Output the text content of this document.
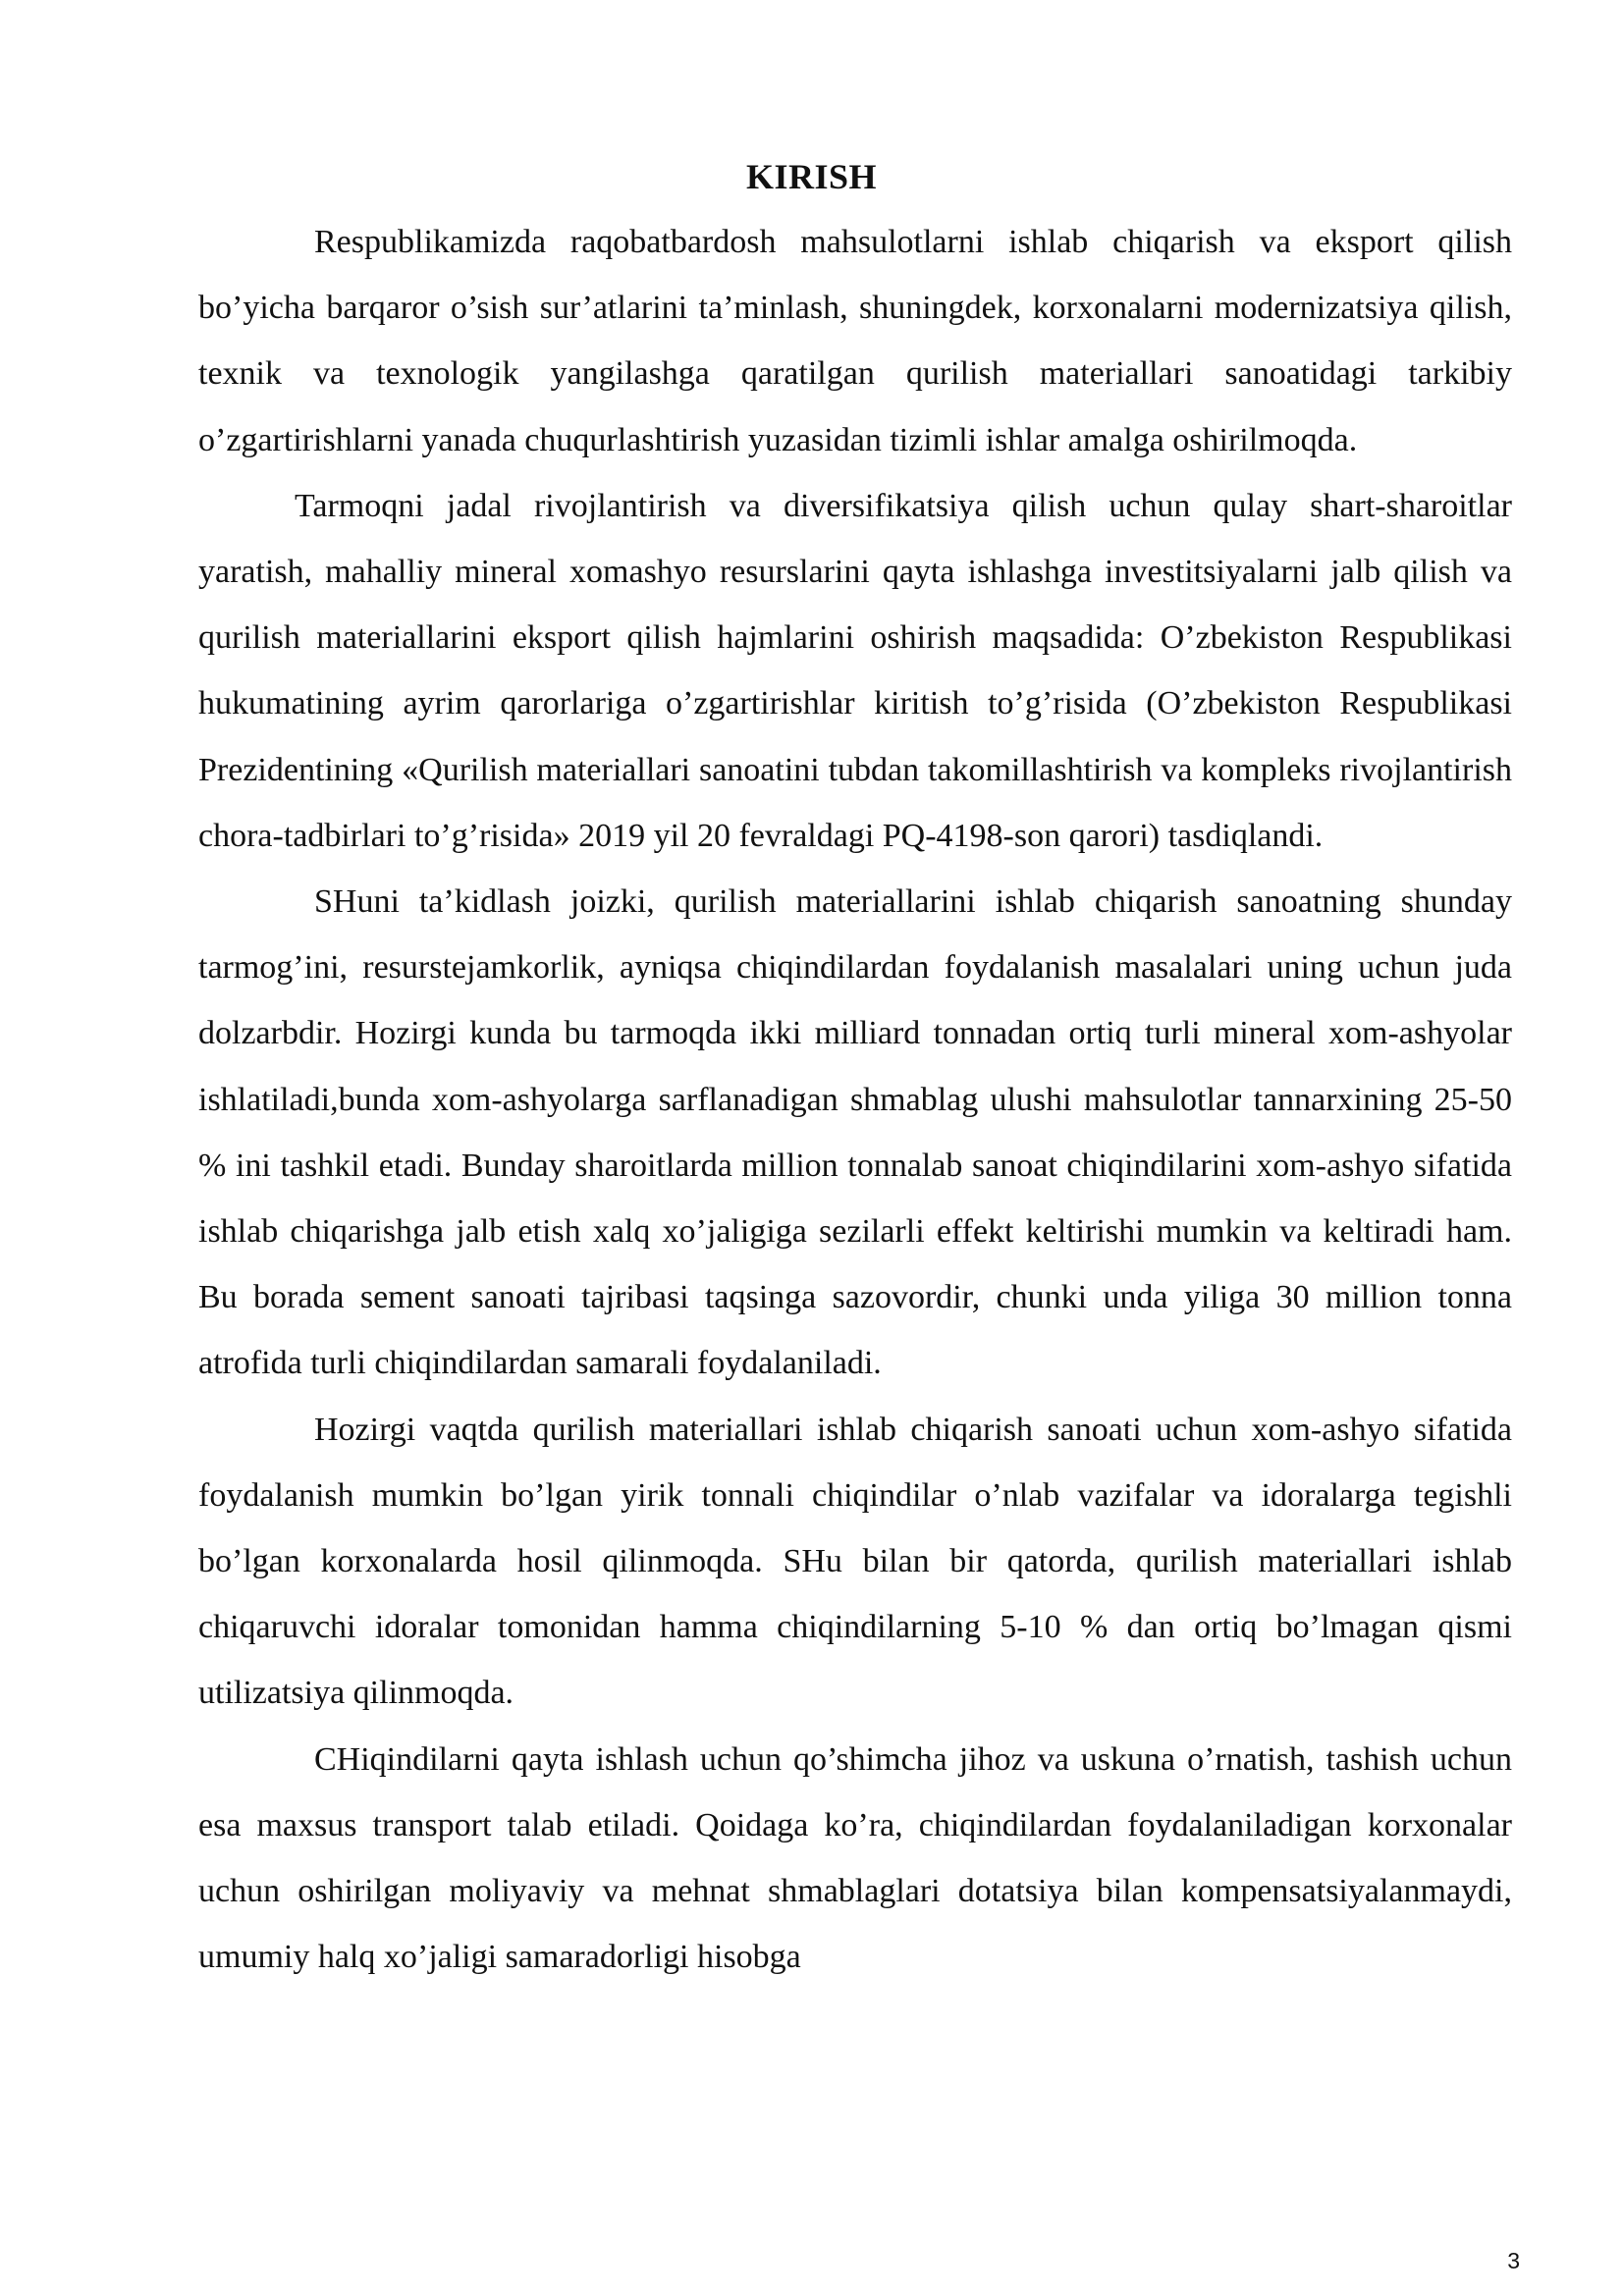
KIRISH

Respublikamizda raqobatbardosh mahsulotlarni ishlab chiqarish va eksport qilish bo’yicha barqaror o’sish sur’atlarini ta’minlash, shuningdek, korxonalarni modernizatsiya qilish, texnik va texnologik yangilashga qaratilgan qurilish materiallari sanoatidagi tarkibiy o’zgartirishlarni yanada chuqurlashtirish yuzasidan tizimli ishlar amalga oshirilmoqda.

Tarmoqni jadal rivojlantirish va diversifikatsiya qilish uchun qulay shart-sharoitlar yaratish, mahalliy mineral xomashyo resurslarini qayta ishlashga investitsiyalarni jalb qilish va qurilish materiallarini eksport qilish hajmlarini oshirish maqsadida: O’zbekiston Respublikasi hukumatining ayrim qarorlariga o’zgartirishlar kiritish to’g’risida (O’zbekiston Respublikasi Prezidentining «Qurilish materiallari sanoatini tubdan takomillashtirish va kompleks rivojlantirish chora-tadbirlari to’g’risida» 2019 yil 20 fevraldagi PQ-4198-son qarori) tasdiqlandi.

SHuni ta’kidlash joizki, qurilish materiallarini ishlab chiqarish sanoatning shunday tarmog’ini, resurstejamkorlik, ayniqsa chiqindilardan foydalanish masalalari uning uchun juda dolzarbdir. Hozirgi kunda bu tarmoqda ikki milliard tonnadan ortiq turli mineral xom-ashyolar ishlatiladi,bunda xom-ashyolarga sarflanadigan shmablag ulushi mahsulotlar tannarxining 25-50 % ini tashkil etadi. Bunday sharoitlarda million tonnalab sanoat chiqindilarini xom-ashyo sifatida ishlab chiqarishga jalb etish xalq xo’jaligiga sezilarli effekt keltirishi mumkin va keltiradi ham. Bu borada sement sanoati tajribasi taqsinga sazovordir, chunki unda yiliga 30 million tonna atrofida turli chiqindilardan samarali foydalaniladi.

Hozirgi vaqtda qurilish materiallari ishlab chiqarish sanoati uchun xom-ashyo sifatida foydalanish mumkin bo’lgan yirik tonnali chiqindilar o’nlab vazifalar va idoralarga tegishli bo’lgan korxonalarda hosil qilinmoqda. SHu bilan bir qatorda, qurilish materiallari ishlab chiqaruvchi idoralar tomonidan hamma chiqindilarning 5-10 % dan ortiq bo’lmagan qismi utilizatsiya qilinmoqda.

CHiqindilarni qayta ishlash uchun qo’shimcha jihoz va uskuna o’rnatish, tashish uchun esa maxsus transport talab etiladi. Qoidaga ko’ra, chiqindilardan foydalaniladigan korxonalar uchun oshirilgan moliyaviy va mehnat shmablaglari dotatsiya bilan kompensatsiyalanmaydi, umumiy halq xo’jaligi samaradorligi hisobga

3
